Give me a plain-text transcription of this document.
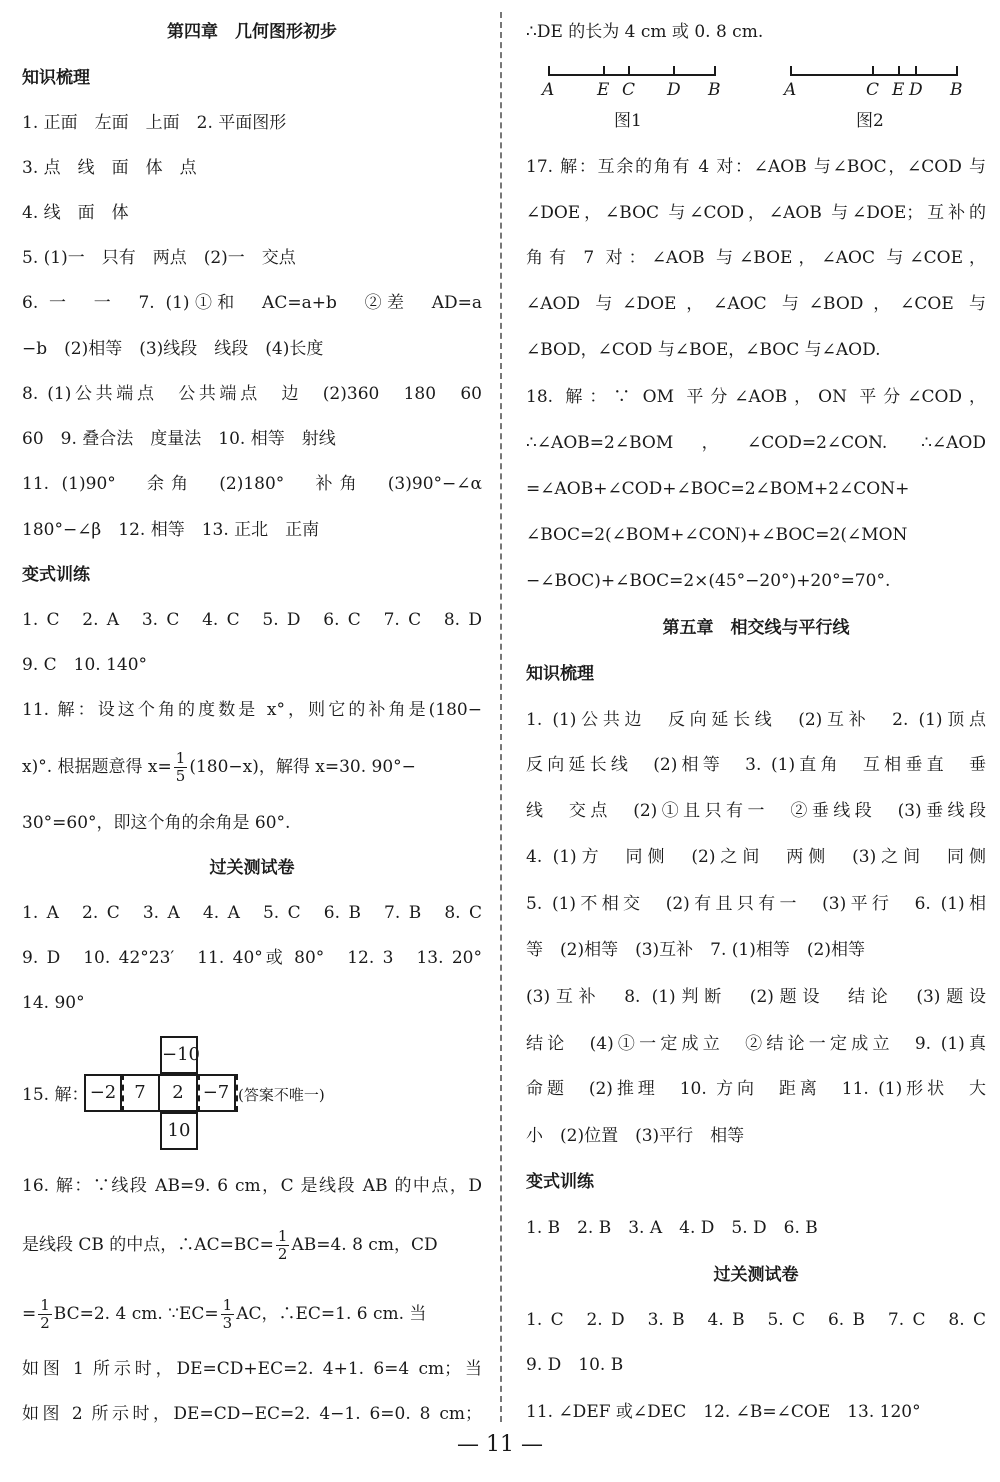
第四章　几何图形初步
知识梳理
1. 正面　左面　上面　2. 平面图形
3. 点　线　面　体　点
4. 线　面　体
5. (1)一　只有　两点　(2)一　交点
6. 一　一　7. (1)①和　AC=a+b　②差　AD=a
−b　(2)相等　(3)线段　线段　(4)长度
8. (1)公共端点　公共端点　边　(2)360　180　60
60　9. 叠合法　度量法　10. 相等　射线
11. (1)90°　余角　(2)180°　补角　(3)90°−∠α
180°−∠β　12. 相等　13. 正北　正南
变式训练
1. C　2. A　3. C　4. C　5. D　6. C　7. C　8. D
9. C　10. 140°
11. 解：设这个角的度数是 x°，则它的补角是(180−
x)°. 根据题意得 $x= \frac{1}{5} (180-x)$，解得 x=30. 90°−
30°=60°，即这个角的余角是 60°.
过关测试卷
1. A　2. C　3. A　4. A　5. C　6. B　7. B　8. C
9. D　10. 42°23′　11. 40°或 80°　12. 3　13. 20°
14. 90°
15. 解：
−10
−2	7	2	−7
10
(答案不唯一)
16. 解：∵线段 AB=9. 6 cm，C 是线段 AB 的中点，D
是线段 CB 的中点，∴AC=BC= $\frac{1}{2} AB=4$. 8 cm，CD
= $\frac{1}{2} BC=2$. 4 cm. ∵EC= $\frac{1}{3}$ AC，∴EC=1. 6 cm. 当
如图 1 所示时，DE=CD+EC=2. 4+1. 6=4 cm；当
如图 2 所示时，DE=CD−EC=2. 4−1. 6=0. 8 cm；
∴DE 的长为 4 cm 或 0. 8 cm.
A	E C D B
图1
A	C E D B
图2
17. 解：互余的角有 4 对：∠AOB 与∠BOC，∠COD 与
∠DOE，∠BOC 与∠COD，∠AOB 与∠DOE；互补的
角有 7 对：∠AOB 与∠BOE，∠AOC 与∠COE，
∠AOD 与∠DOE，∠AOC 与∠BOD，∠COE 与
∠BOD，∠COD 与∠BOE，∠BOC 与∠AOD.
18. 解：∵ OM 平分∠AOB，ON 平分∠COD，
∴∠AOB=2∠BOM，∠COD=2∠CON. ∴∠AOD
=∠AOB+∠COD+∠BOC=2∠BOM+2∠CON+
∠BOC=2(∠BOM+∠CON)+∠BOC=2(∠MON
−∠BOC)+∠BOC=2×(45°−20°)+20°=70°.
第五章　相交线与平行线
知识梳理
1. (1)公共边　反向延长线　(2)互补　2. (1)顶点
反向延长线　(2)相等　3. (1)直角　互相垂直　垂
线　交点　(2)①且只有一　②垂线段　(3)垂线段
4. (1)方　同侧　(2)之间　两侧　(3)之间　同侧
5. (1)不相交　(2)有且只有一　(3)平行　6. (1)相
等　(2)相等　(3)互补　7. (1)相等　(2)相等
(3)互补　8. (1)判断　(2)题设　结论　(3)题设
结论　(4)①一定成立　②结论一定成立　9. (1)真
命题　(2)推理　10. 方向　距离　11. (1)形状　大
小　(2)位置　(3)平行　相等
变式训练
1. B　2. B　3. A　4. D　5. D　6. B
过关测试卷
1. C　2. D　3. B　4. B　5. C　6. B　7. C　8. C
9. D　10. B
11. ∠DEF 或∠DEC　12. ∠B=∠COE　13. 120°
— 11 —
